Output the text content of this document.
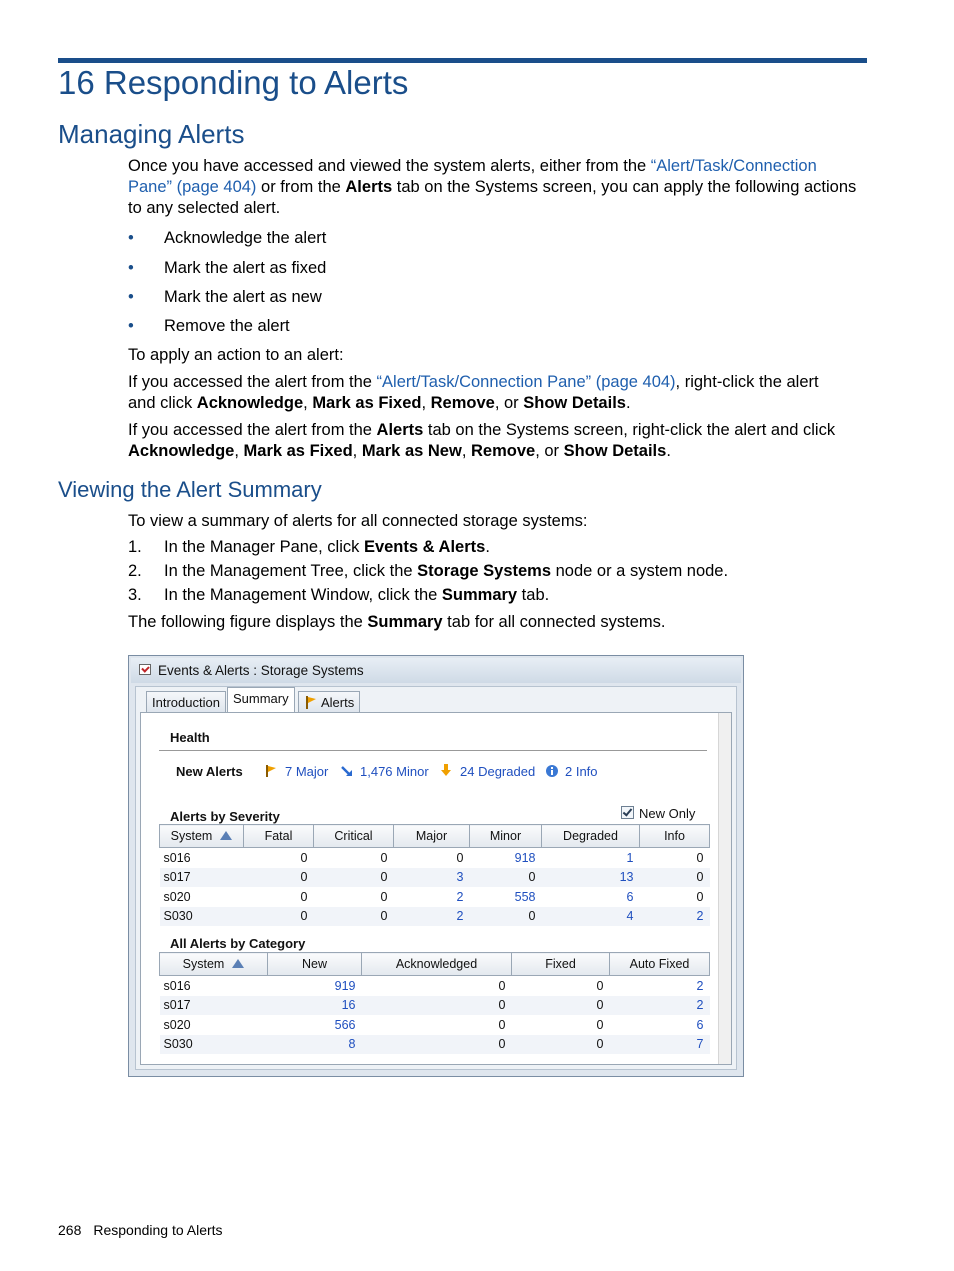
16 Responding to Alerts
Managing Alerts
Once you have accessed and viewed the system alerts, either from the “Alert/Task/Connection
Pane” (page 404) or from the Alerts tab on the Systems screen, you can apply the following actions
to any selected alert.
• Acknowledge the alert
• Mark the alert as fixed
• Mark the alert as new
• Remove the alert
To apply an action to an alert:
If you accessed the alert from the “Alert/Task/Connection Pane” (page 404), right-click the alert
and click Acknowledge, Mark as Fixed, Remove, or Show Details.
If you accessed the alert from the Alerts tab on the Systems screen, right-click the alert and click
Acknowledge, Mark as Fixed, Mark as New, Remove, or Show Details.
Viewing the Alert Summary
To view a summary of alerts for all connected storage systems:
1. In the Manager Pane, click Events & Alerts.
2. In the Management Tree, click the Storage Systems node or a system node.
3. In the Management Window, click the Summary tab.
The following figure displays the Summary tab for all connected systems.
Events & Alerts : Storage Systems
Introduction	Summary	Alerts
Health
New Alerts	7 Major 1,476 Minor 24 Degraded 2 Info
Alerts by Severity	New Only
System	Fatal	Critical	Major	Minor	Degraded	Info
s016	0	0	0	918	1	0
s017	0	0	3	0	13	0
s020	0	0	2	558	6	0
S030	0	0	2	0	4	2
All Alerts by Category
System	New	Acknowledged	Fixed	Auto Fixed
s016	919	0	0	2
s017	16	0	0	2
s020	566	0	0	6
S030	8	0	0	7
268 Responding to Alerts
